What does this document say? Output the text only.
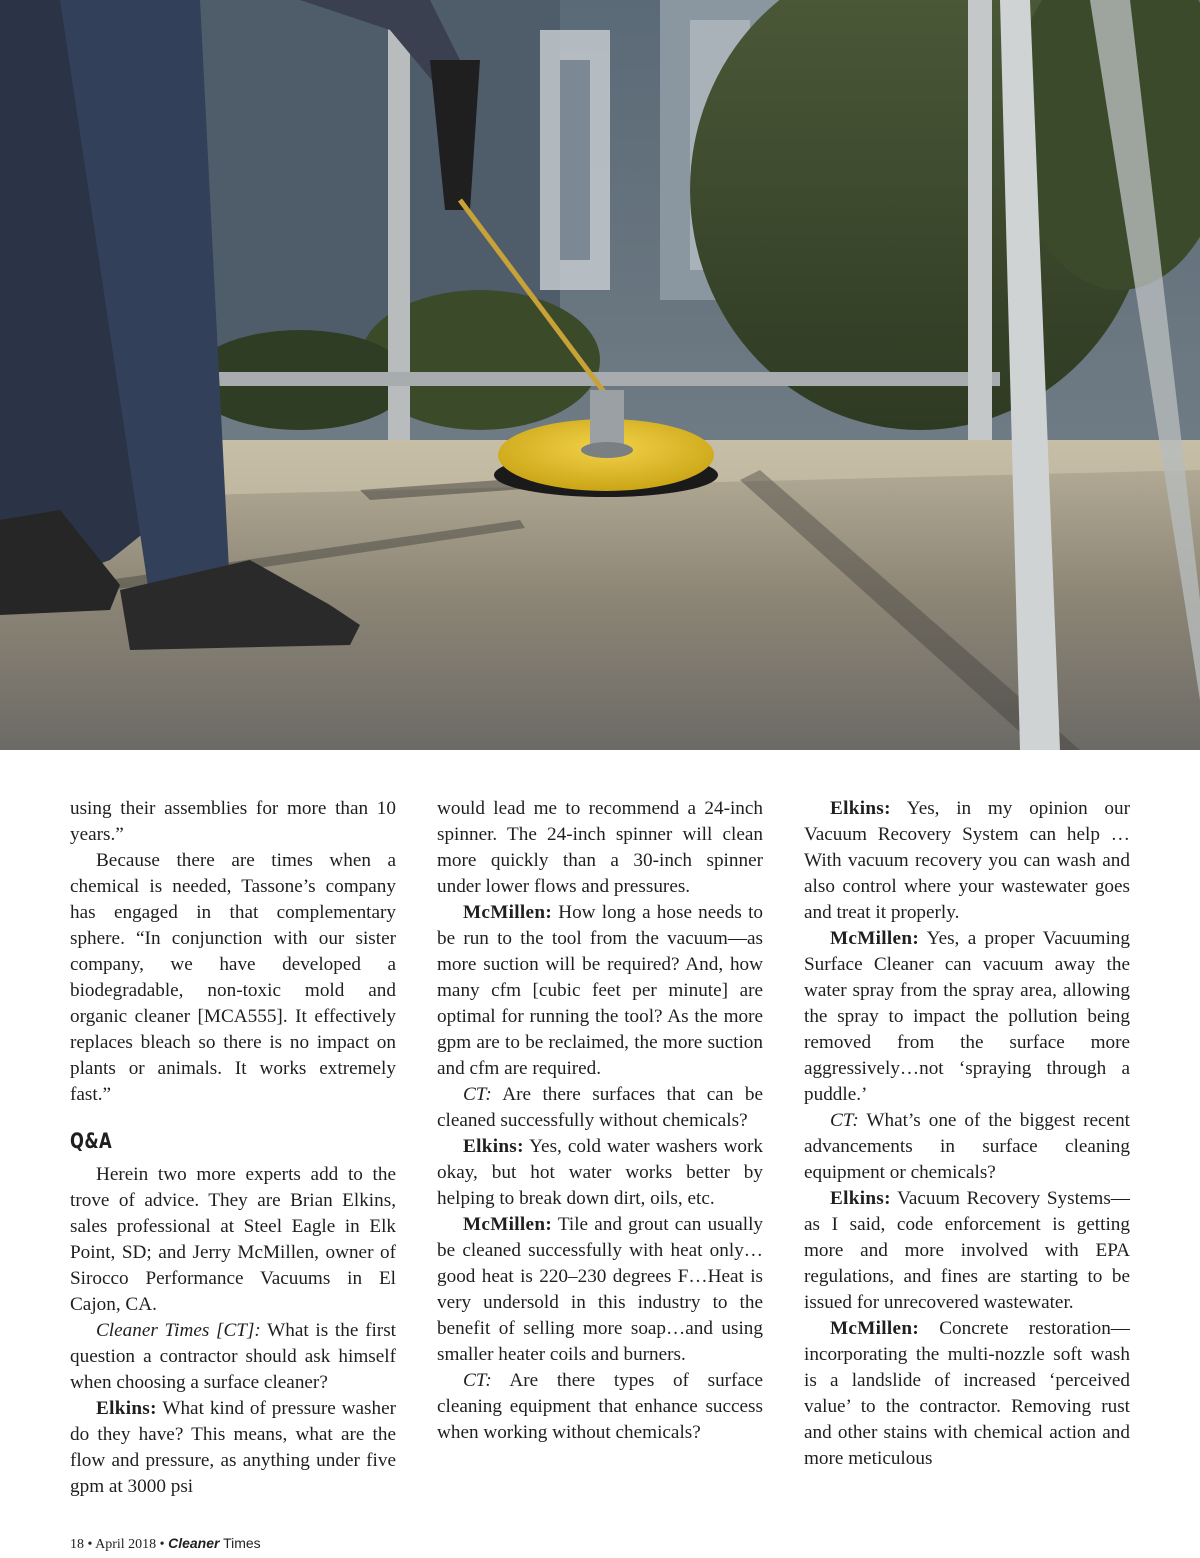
using their assemblies for more than 10 years.”

Because there are times when a chemical is needed, Tassone’s company has engaged in that complementary sphere. “In conjunction with our sister company, we have developed a biodegradable, non-toxic mold and organic cleaner [MCA555]. It effectively replaces bleach so there is no impact on plants or animals. It works extremely fast.”

Q&A

Herein two more experts add to the trove of advice. They are Brian Elkins, sales professional at Steel Eagle in Elk Point, SD; and Jerry McMillen, owner of Sirocco Performance Vacuums in El Cajon, CA.

Cleaner Times [CT]: What is the first question a contractor should ask himself when choosing a surface cleaner?

Elkins: What kind of pressure washer do they have? This means, what are the flow and pressure, as anything under five gpm at 3000 psi

would lead me to recommend a 24-inch spinner. The 24-inch spinner will clean more quickly than a 30-inch spinner under lower flows and pressures.

McMillen: How long a hose needs to be run to the tool from the vacuum—as more suction will be required? And, how many cfm [cubic feet per minute] are optimal for running the tool? As the more gpm are to be reclaimed, the more suction and cfm are required.

CT: Are there surfaces that can be cleaned successfully without chemicals?

Elkins: Yes, cold water washers work okay, but hot water works better by helping to break down dirt, oils, etc.

McMillen: Tile and grout can usually be cleaned successfully with heat only…good heat is 220–230 degrees F…Heat is very undersold in this industry to the benefit of selling more soap…and using smaller heater coils and burners.

CT: Are there types of surface cleaning equipment that enhance success when working without chemicals?

Elkins: Yes, in my opinion our Vacuum Recovery System can help … With vacuum recovery you can wash and also control where your wastewater goes and treat it properly.

McMillen: Yes, a proper Vacuuming Surface Cleaner can vacuum away the water spray from the spray area, allowing the spray to impact the pollution being removed from the surface more aggressively…not ‘spraying through a puddle.’

CT: What’s one of the biggest recent advancements in surface cleaning equipment or chemicals?

Elkins: Vacuum Recovery Systems—as I said, code enforcement is getting more and more involved with EPA regulations, and fines are starting to be issued for unrecovered wastewater.

McMillen: Concrete restoration—incorporating the multi-nozzle soft wash is a landslide of increased ‘perceived value’ to the contractor. Removing rust and other stains with chemical action and more meticulous

18 • April 2018 • Cleaner Times
